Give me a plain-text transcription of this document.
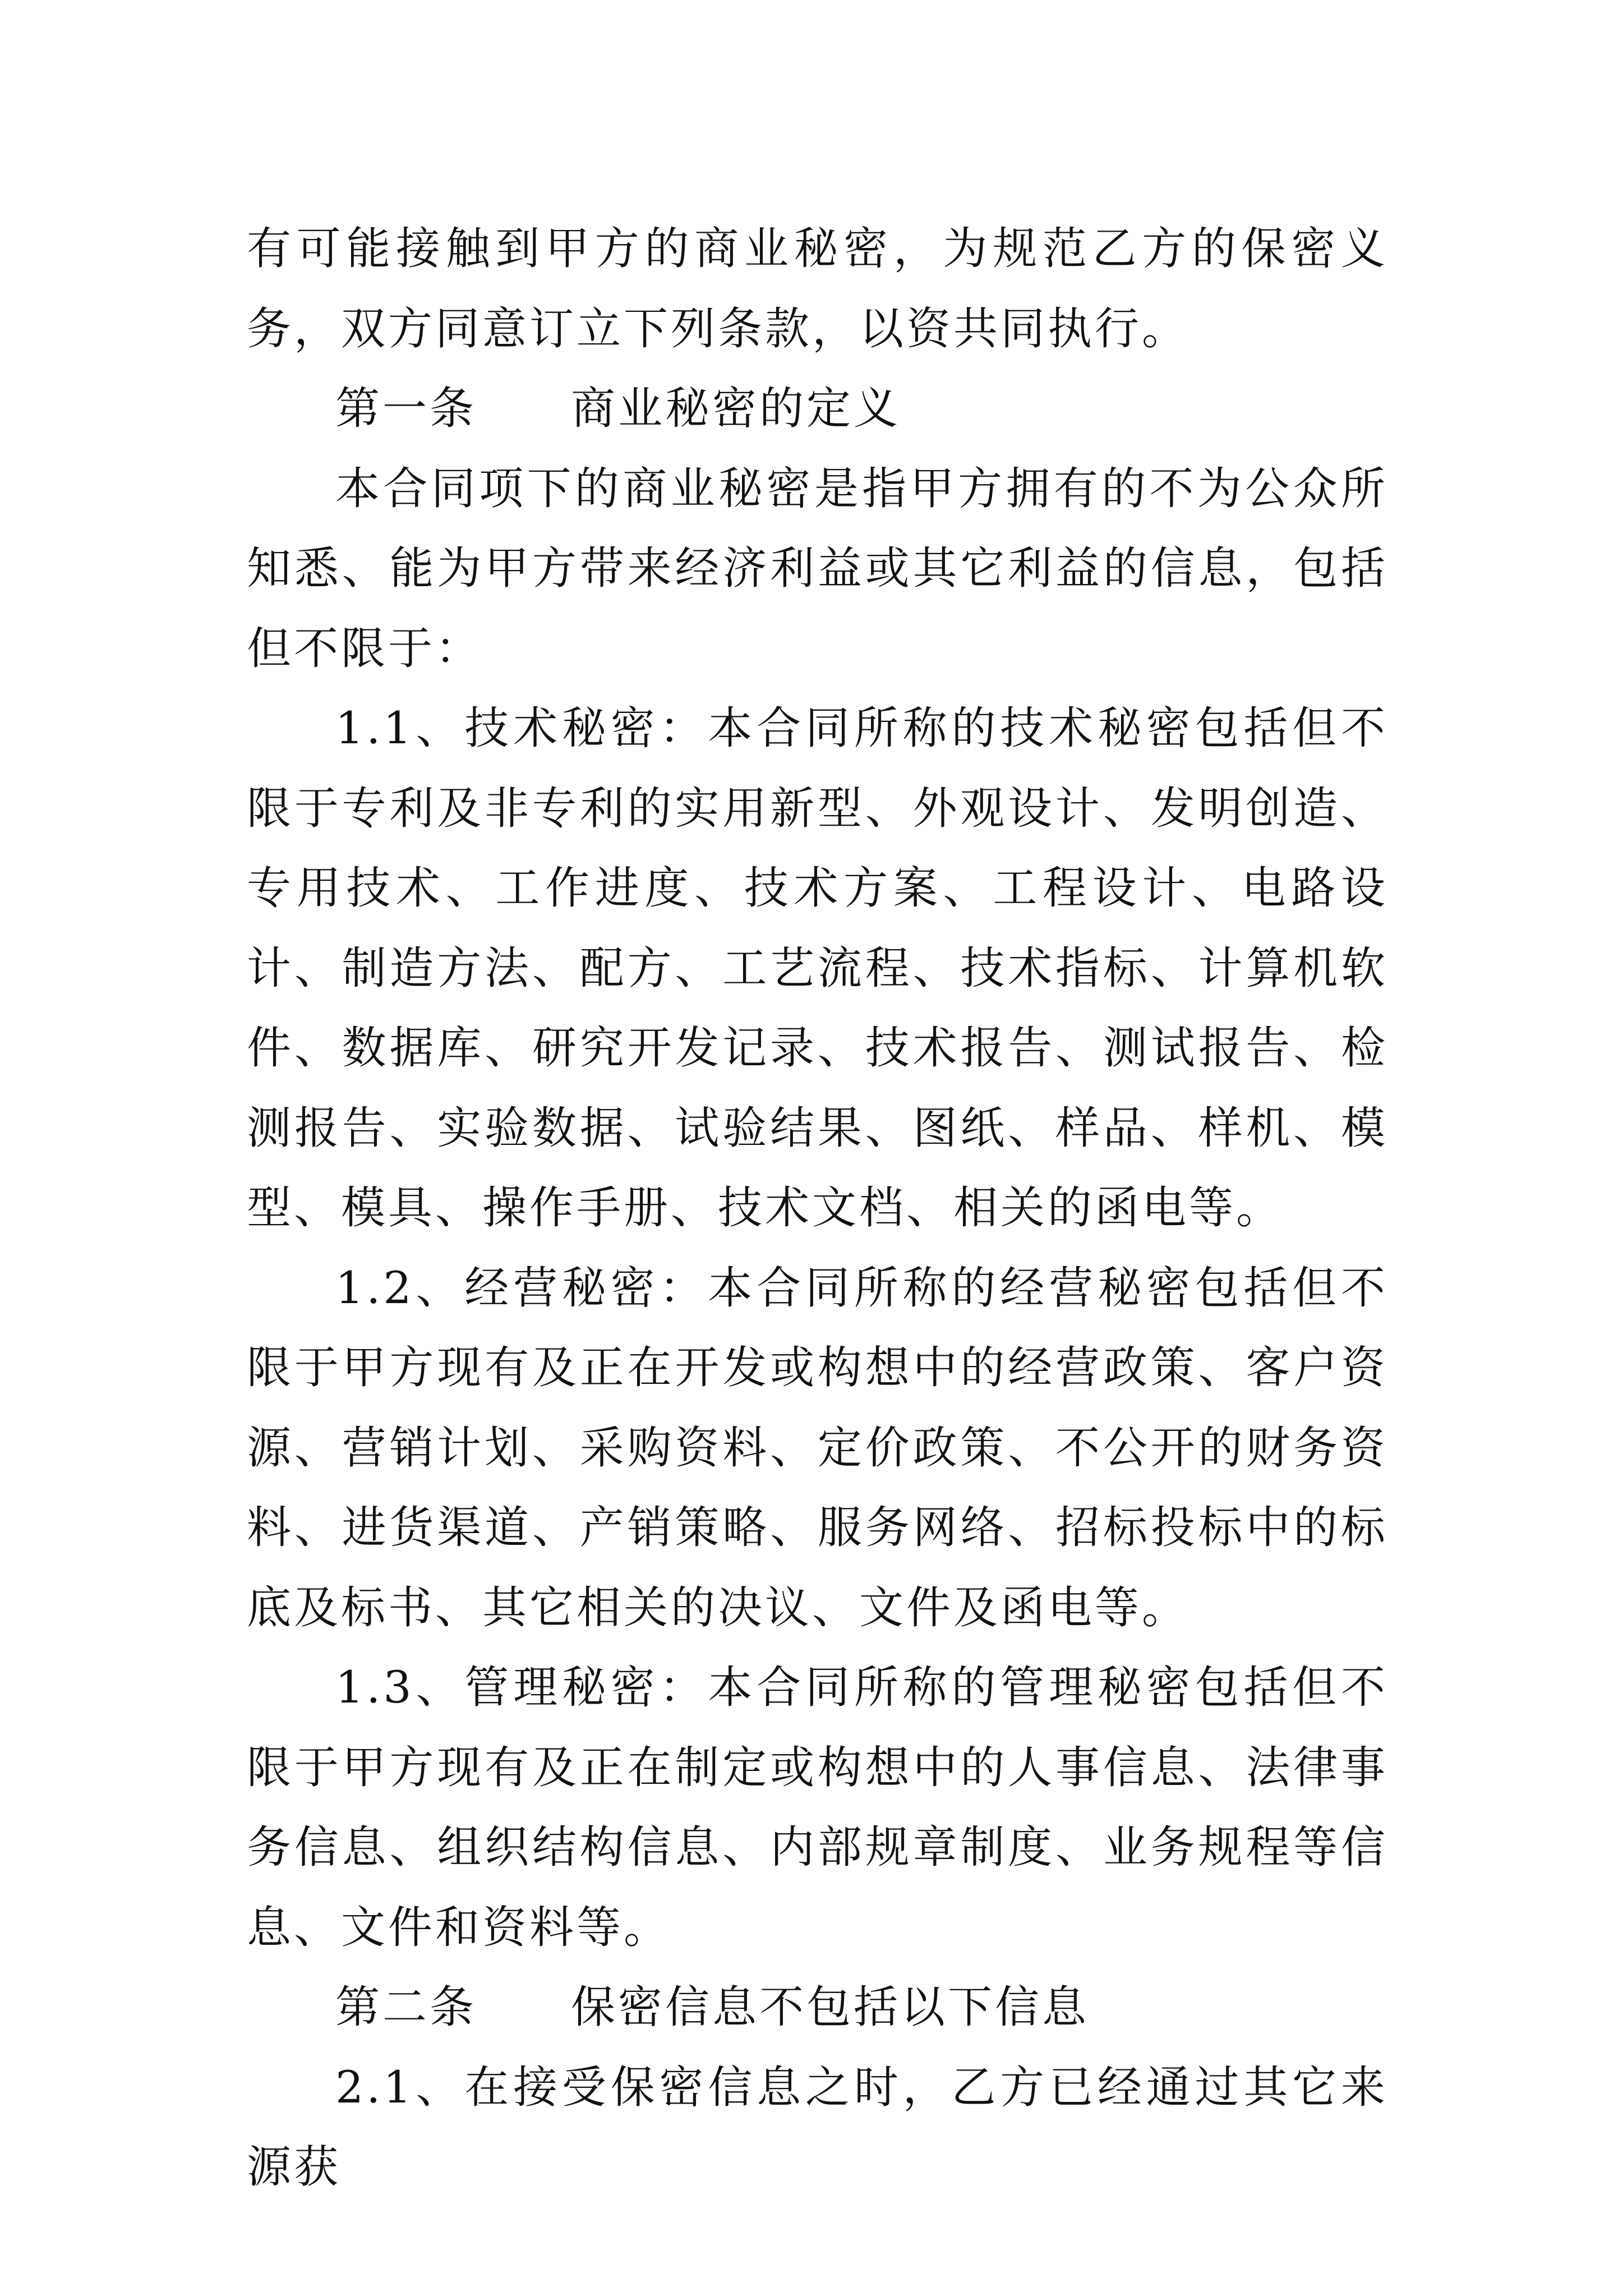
有可能接触到甲方的商业秘密，为规范乙方的保密义务，双方同意订立下列条款，以资共同执行。

第一条　　商业秘密的定义

本合同项下的商业秘密是指甲方拥有的不为公众所知悉、能为甲方带来经济利益或其它利益的信息，包括但不限于：

1.1、技术秘密：本合同所称的技术秘密包括但不限于专利及非专利的实用新型、外观设计、发明创造、专用技术、工作进度、技术方案、工程设计、电路设计、制造方法、配方、工艺流程、技术指标、计算机软件、数据库、研究开发记录、技术报告、测试报告、检测报告、实验数据、试验结果、图纸、样品、样机、模型、模具、操作手册、技术文档、相关的函电等。

1.2、经营秘密：本合同所称的经营秘密包括但不限于甲方现有及正在开发或构想中的经营政策、客户资源、营销计划、采购资料、定价政策、不公开的财务资料、进货渠道、产销策略、服务网络、招标投标中的标底及标书、其它相关的决议、文件及函电等。

1.3、管理秘密：本合同所称的管理秘密包括但不限于甲方现有及正在制定或构想中的人事信息、法律事务信息、组织结构信息、内部规章制度、业务规程等信息、文件和资料等。

第二条　　保密信息不包括以下信息

2.1、在接受保密信息之时，乙方已经通过其它来源获
